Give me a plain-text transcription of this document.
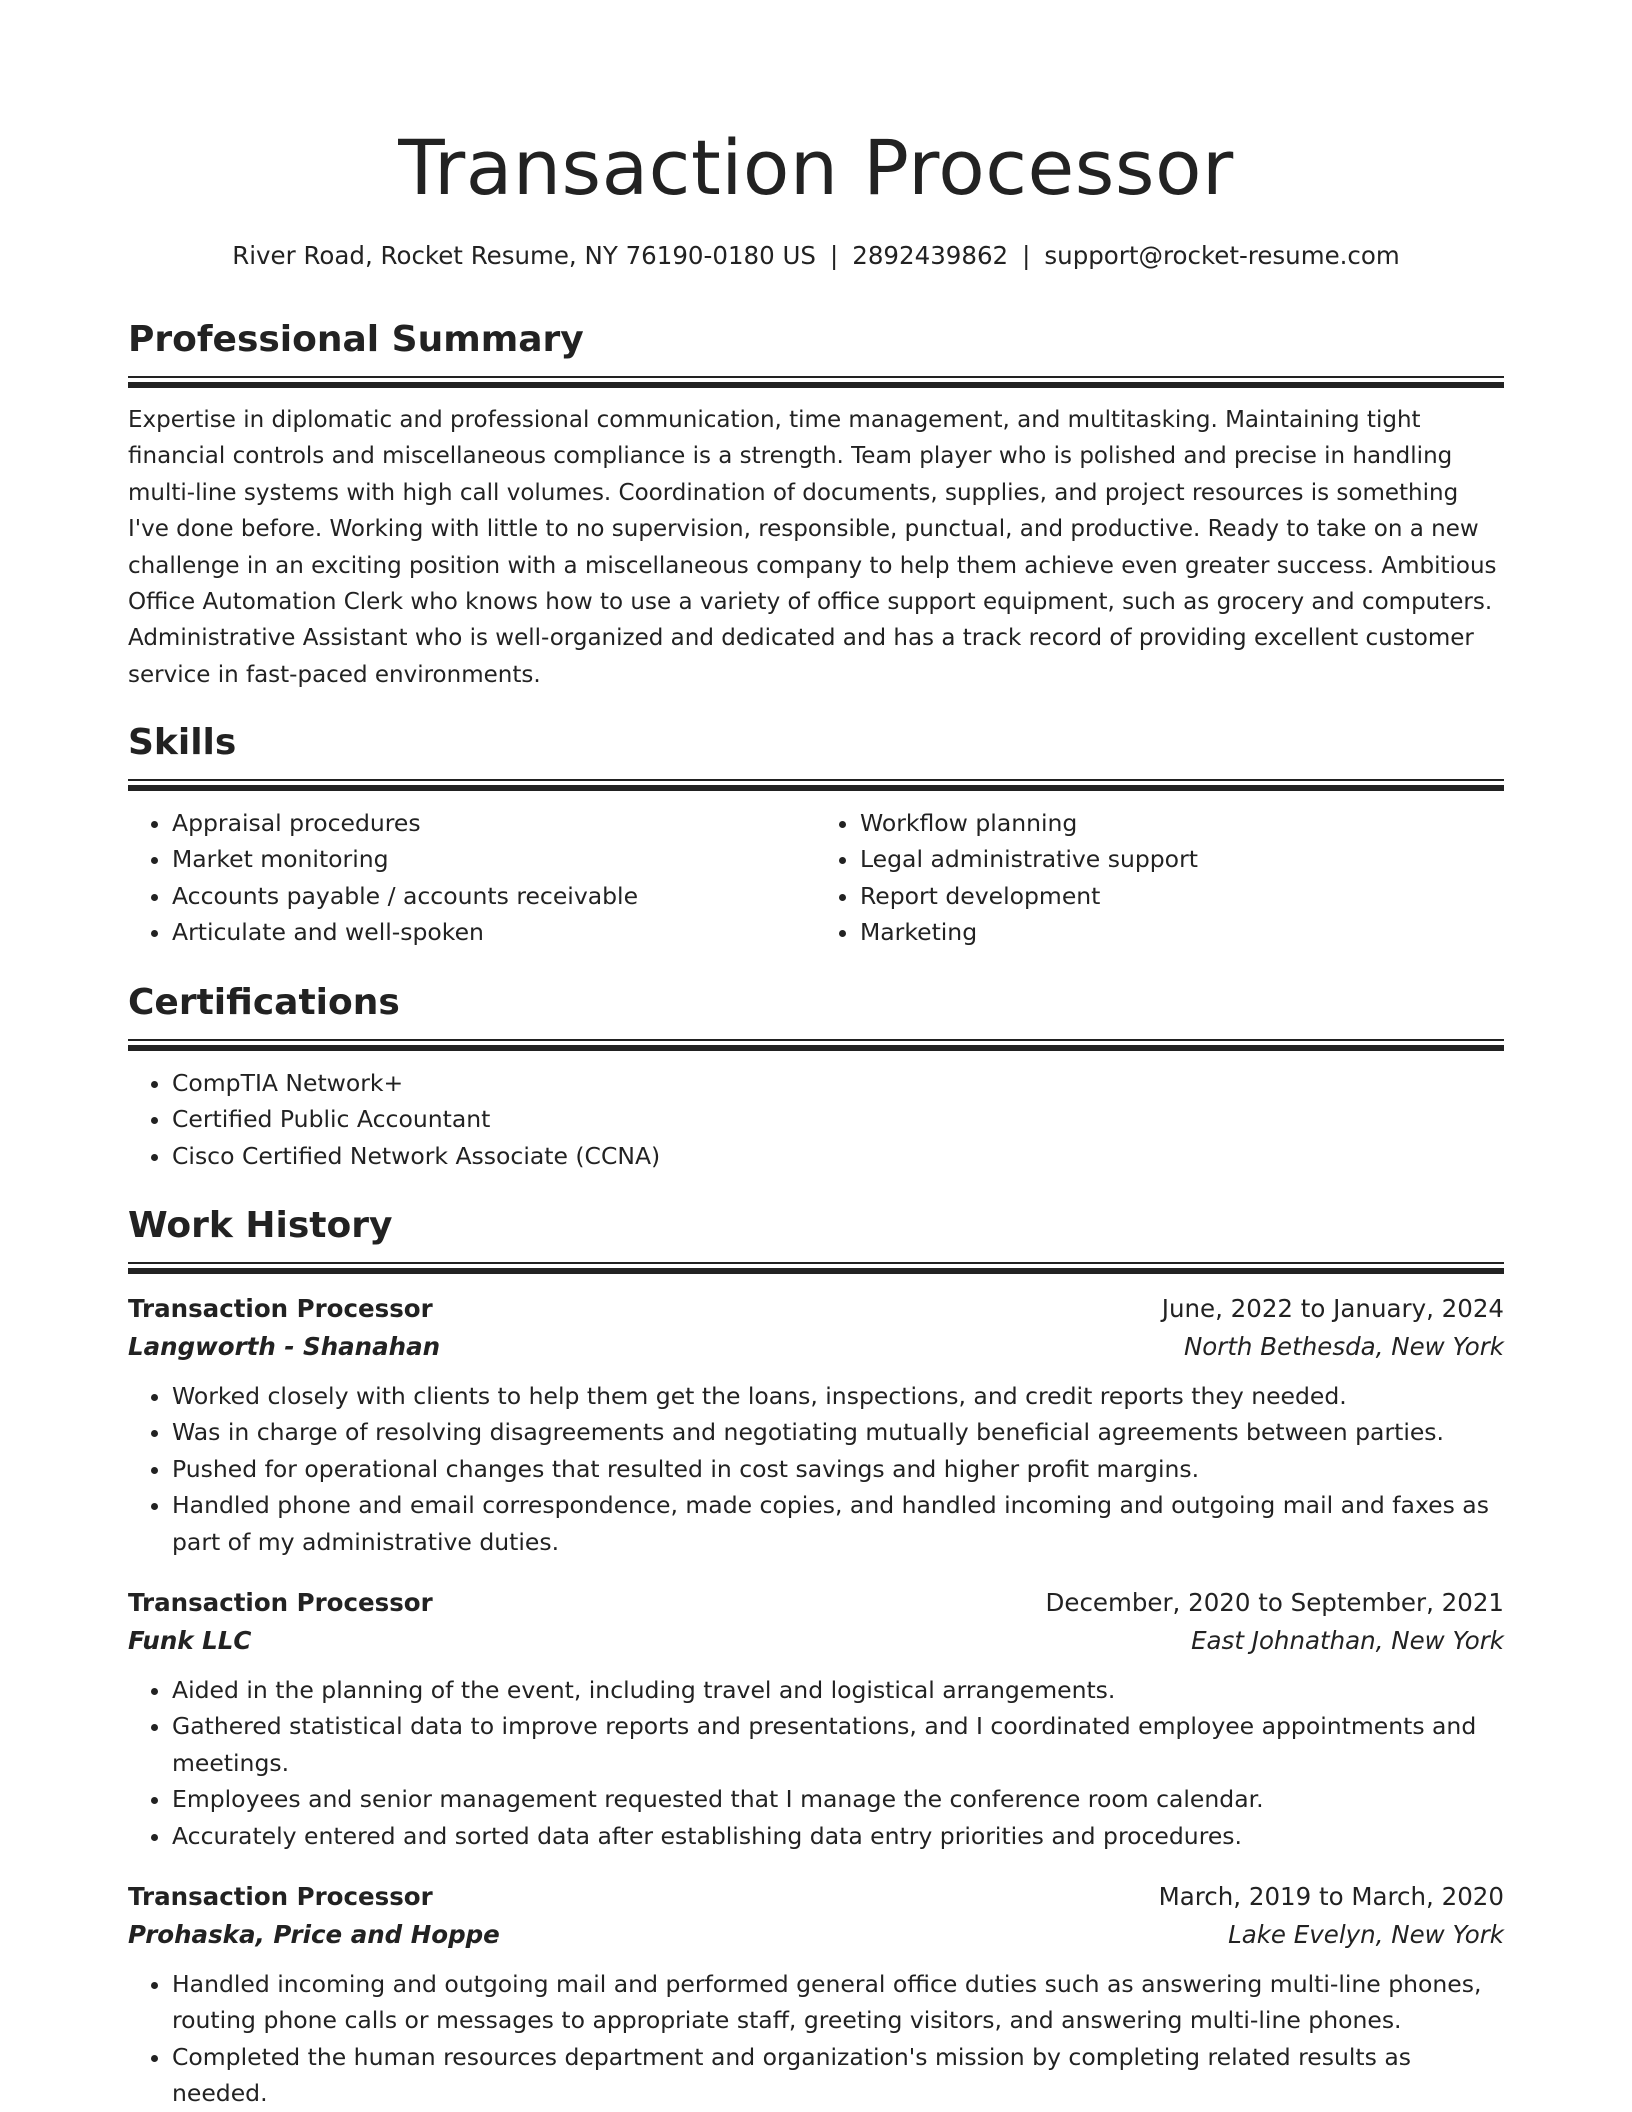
Transaction Processor
River Road, Rocket Resume, NY 76190-0180 US | 2892439862 | support@rocket-resume.com
Professional Summary

Expertise in diplomatic and professional communication, time management, and multitasking. Maintaining tight financial controls and miscellaneous compliance is a strength. Team player who is polished and precise in handling multi-line systems with high call volumes. Coordination of documents, supplies, and project resources is something I've done before. Working with little to no supervision, responsible, punctual, and productive. Ready to take on a new challenge in an exciting position with a miscellaneous company to help them achieve even greater success. Ambitious Office Automation Clerk who knows how to use a variety of office support equipment, such as grocery and computers. Administrative Assistant who is well-organized and dedicated and has a track record of providing excellent customer service in fast-paced environments.

Skills
• Appraisal procedures
• Market monitoring
• Accounts payable / accounts receivable
• Articulate and well-spoken
• Workflow planning
• Legal administrative support
• Report development
• Marketing
Certifications
• CompTIA Network+
• Certified Public Accountant
• Cisco Certified Network Associate (CCNA)
Work History
Transaction Processor	June, 2022 to January, 2024
Langworth - Shanahan	North Bethesda, New York
• Worked closely with clients to help them get the loans, inspections, and credit reports they needed.
• Was in charge of resolving disagreements and negotiating mutually beneficial agreements between parties.
• Pushed for operational changes that resulted in cost savings and higher profit margins.
• Handled phone and email correspondence, made copies, and handled incoming and outgoing mail and faxes as part of my administrative duties.
Transaction Processor	December, 2020 to September, 2021
Funk LLC	East Johnathan, New York
• Aided in the planning of the event, including travel and logistical arrangements.
• Gathered statistical data to improve reports and presentations, and I coordinated employee appointments and meetings.
• Employees and senior management requested that I manage the conference room calendar.
• Accurately entered and sorted data after establishing data entry priorities and procedures.
Transaction Processor	March, 2019 to March, 2020
Prohaska, Price and Hoppe	Lake Evelyn, New York
• Handled incoming and outgoing mail and performed general office duties such as answering multi-line phones, routing phone calls or messages to appropriate staff, greeting visitors, and answering multi-line phones.
• Completed the human resources department and organization's mission by completing related results as needed.
